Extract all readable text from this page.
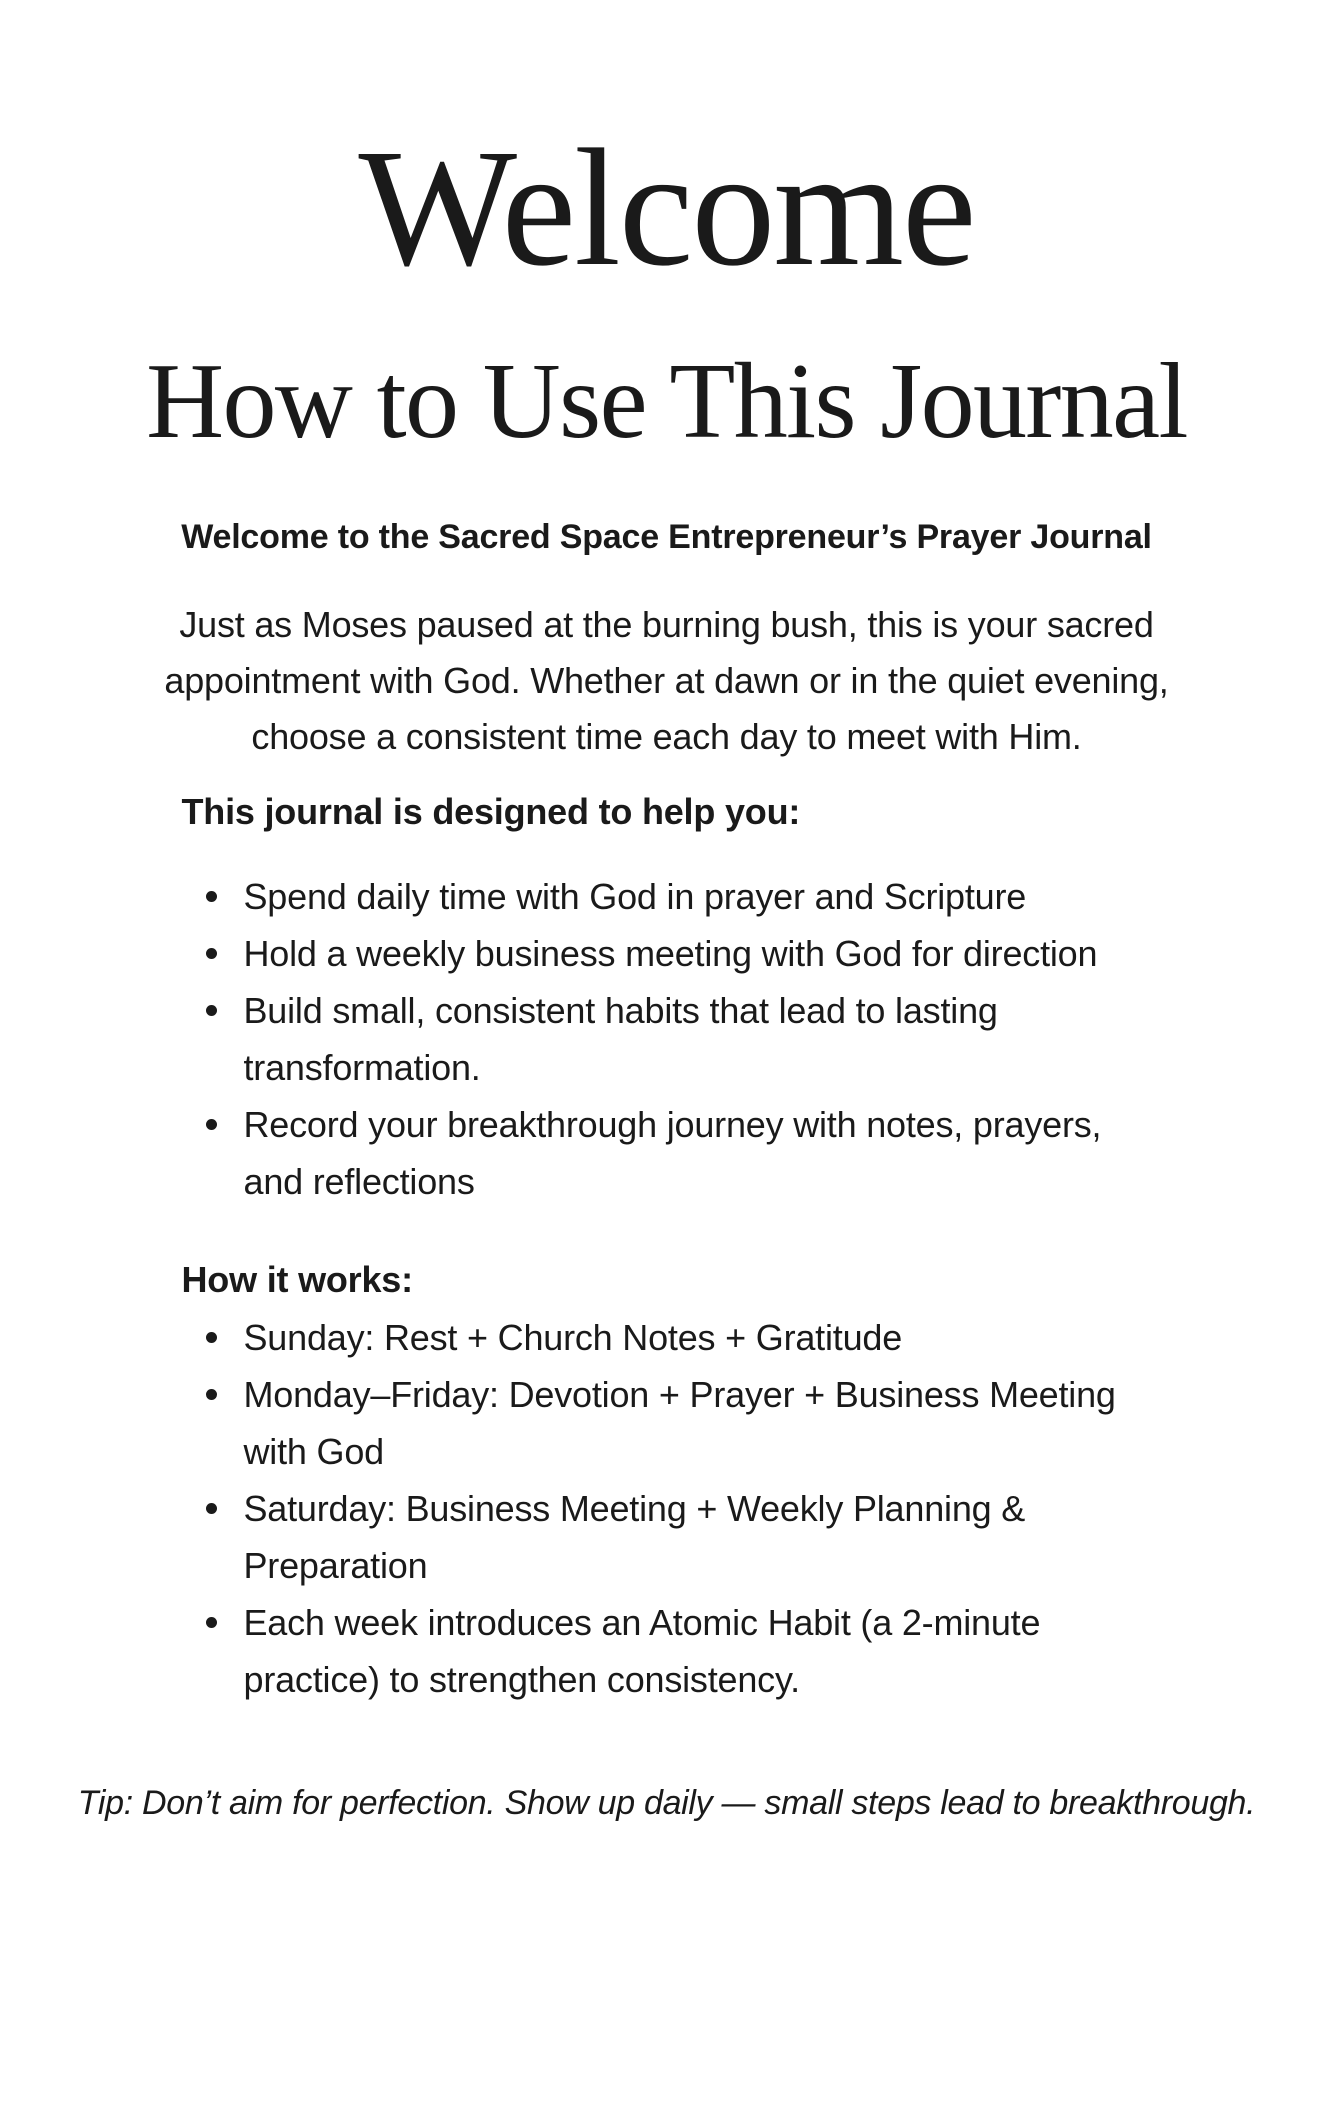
Welcome
How to Use This Journal

Welcome to the Sacred Space Entrepreneur’s Prayer Journal

Just as Moses paused at the burning bush, this is your sacred appointment with God. Whether at dawn or in the quiet evening, choose a consistent time each day to meet with Him.

This journal is designed to help you:
Spend daily time with God in prayer and Scripture
Hold a weekly business meeting with God for direction
Build small, consistent habits that lead to lasting transformation.
Record your breakthrough journey with notes, prayers, and reflections
How it works:
Sunday: Rest + Church Notes + Gratitude
Monday–Friday: Devotion + Prayer + Business Meeting with God
Saturday: Business Meeting + Weekly Planning & Preparation
Each week introduces an Atomic Habit (a 2-minute practice) to strengthen consistency.

Tip: Don’t aim for perfection. Show up daily — small steps lead to breakthrough.
